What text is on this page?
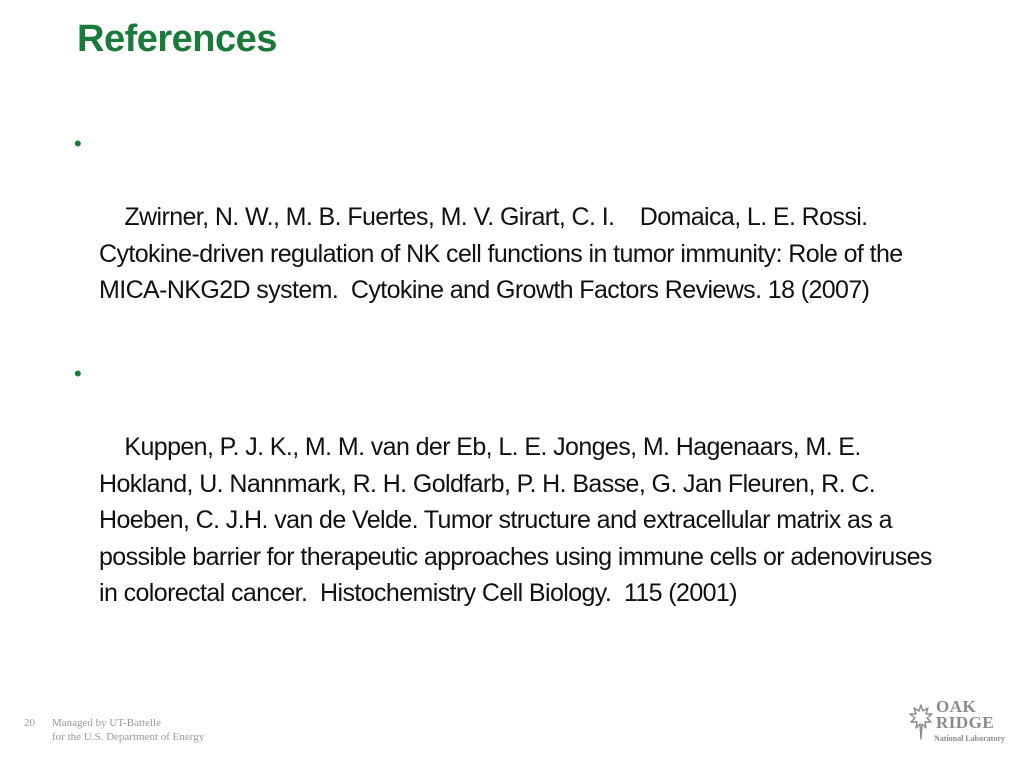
References

•

Zwirner, N. W., M. B. Fuertes, M. V. Girart, C. I.    Domaica, L. E. Rossi.  Cytokine-driven regulation of NK cell functions in tumor immunity: Role of the MICA-NKG2D system.  Cytokine and Growth Factors Reviews. 18 (2007)

•

Kuppen, P. J. K., M. M. van der Eb, L. E. Jonges, M. Hagenaars, M. E. Hokland, U. Nannmark, R. H. Goldfarb, P. H. Basse, G. Jan Fleuren, R. C. Hoeben, C. J.H. van de Velde. Tumor structure and extracellular matrix as a possible barrier for therapeutic approaches using immune cells or adenoviruses in colorectal cancer.  Histochemistry Cell Biology.  115 (2001)

20 Managed by UT-Battelle
for the U.S. Department of Energy
OAK
RIDGE
National Laboratory
